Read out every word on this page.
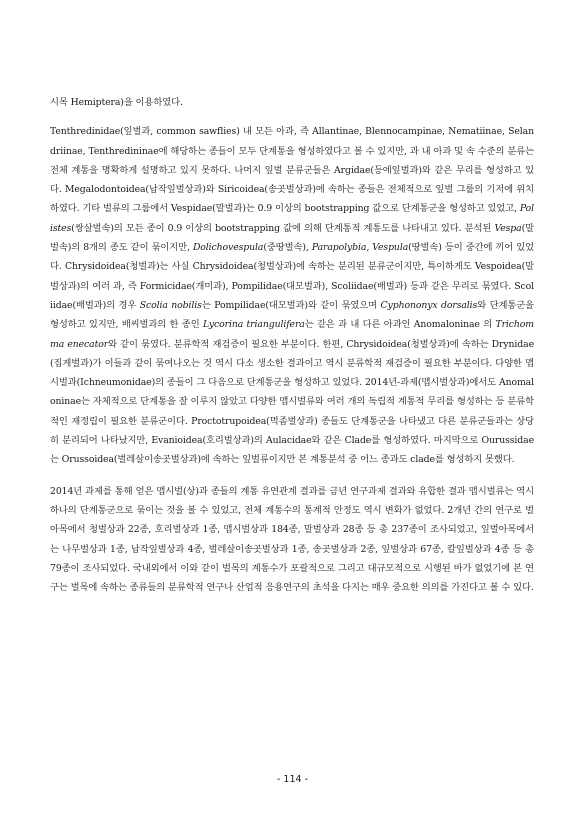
시목 Hemiptera)을 이용하였다.

Tenthredinidae(잎벌과, common sawflies) 내 모든 아과, 즉 Allantinae, Blennocampinae, Nematiinae, Selandriinae, Tenthredininae에 해당하는 종들이 모두 단계통을 형성하였다고 볼 수 있지만, 과 내 아과 및 속 수준의 분류는 전체 계통을 명확하게 설명하고 있지 못하다. 나머지 잎벌 분류군들은 Argidae(등에잎벌과)와 같은 무리를 형성하고 있다. Megalodontoidea(납작잎벌상과)와 Siricoidea(송곳벌상과)에 속하는 종들은 전체적으로 잎벌 그룹의 기저에 위치하였다. 기타 벌류의 그룹에서 Vespidae(말벌과)는 0.9 이상의 bootstrapping 값으로 단계통군을 형성하고 있었고, Polistes(쌍살벌속)의 모든 종이 0.9 이상의 bootstrapping 값에 의해 단계통적 계통도를 나타내고 있다. 분석된 Vespa(말벌속)의 8개의 종도 같이 묶이지만, Dolichovespula(중땅벌속), Parapolybia, Vespula(땅벌속) 등이 중간에 끼어 있었다. Chrysidoidea(청벌과)는 사실 Chrysidoidea(청벌상과)에 속하는 분리된 분류군이지만, 특이하게도 Vespoidea(말벌상과)의 여러 과, 즉 Formicidae(개미과), Pompilidae(대모벌과), Scoliidae(배벌과) 등과 같은 무리로 묶였다. Scoliidae(배벌과)의 경우 Scolia nobilis는 Pompilidae(대모벌과)와 같이 묶였으며 Cyphononyx dorsalis와 단계통군을 형성하고 있지만, 배씨벌과의 한 종인 Lycorina triangulifera는 같은 과 내 다른 아과인 Anomaloninae 의 Trichomma enecator와 같이 묶였다. 분류학적 재검증이 필요한 부분이다. 한편, Chrysidoidea(청벌상과)에 속하는 Drynidae(집게벌과)가 이들과 같이 묶여나오는 것 역시 다소 생소한 결과이고 역시 분류학적 재검증이 필요한 부분이다. 다양한 맵시벌과(Ichneumonidae)의 종들이 그 다음으로 단계통군을 형성하고 있었다. 2014년-과제(맵시벌상과)에서도 Anomaloninae는 자체적으로 단계통을 잘 이루지 않았고 다양한 맵시벌류와 여러 개의 독립적 계통적 무리를 형성하는 등 분류학적인 재정립이 필요한 분류군이다. Proctotrupoidea(먹좀벌상과) 종들도 단계통군을 나타냈고 다른 분류군들과는 상당히 분리되어 나타났지만, Evanioidea(호리벌상과)의 Aulacidae와 같은 Clade를 형성하였다. 마지막으로 Ourussidae는 Orussoidea(벌레살이송곳벌상과)에 속하는 잎벌류이지만 본 계통분석 중 어느 종과도 clade를 형성하지 못했다.

2014년 과제를 통해 얻은 맵시벌(상)과 종들의 계통 유연관계 결과를 금년 연구과제 결과와 유합한 결과 맵시벌류는 역시 하나의 단계통군으로 묶이는 것을 볼 수 있었고, 전체 계통수의 통계적 안정도 역시 변화가 없었다. 2개년 간의 연구로 벌아목에서 청벌상과 22종, 호리벌상과 1종, 맵시벌상과 184종, 말벌상과 28종 등 총 237종이 조사되었고, 잎벌아목에서는 나무벌상과 1종, 납작잎벌상과 4종, 벌레살이송곳벌상과 1종, 송곳벌상과 2종, 잎벌상과 67종, 칼잎벌상과 4종 등 총 79종이 조사되었다. 국내외에서 이와 같이 벌목의 계통수가 포괄적으로 그리고 대규모적으로 시행된 바가 없었기에 본 연구는 벌목에 속하는 종류들의 분류학적 연구나 산업적 응용연구의 초석을 다지는 매우 중요한 의의를 가진다고 볼 수 있다.

- 114 -
